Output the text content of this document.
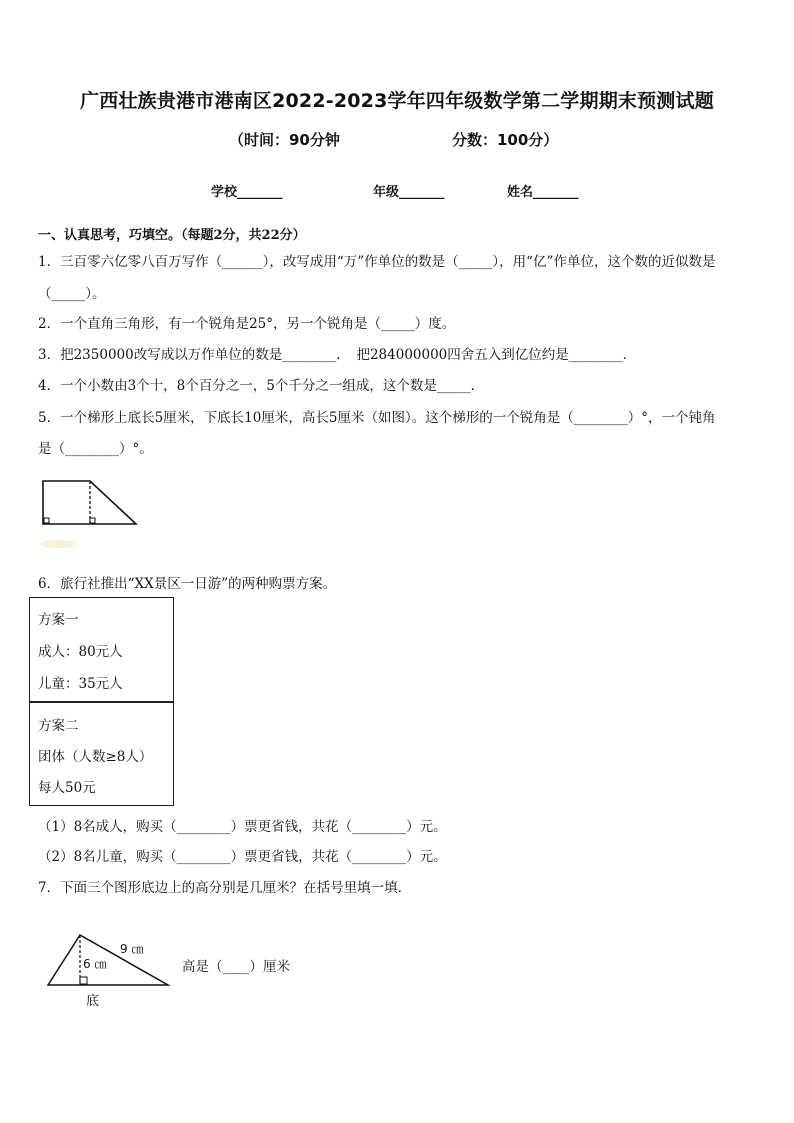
广西壮族贵港市港南区2022-2023学年四年级数学第二学期期末预测试题
（时间：90分钟	分数：100分）
学校_______	年级_______	姓名_______
一、认真思考，巧填空。（每题2分，共22分）
1．三百零六亿零八百万写作（______），改写成用“万”作单位的数是（_____），用“亿”作单位，这个数的近似数是
（_____）。
2．一个直角三角形，有一个锐角是25°，另一个锐角是（_____）度。
3．把2350000改写成以万作单位的数是________．　把284000000四舍五入到亿位约是________．
4．一个小数由3个十，8个百分之一，5个千分之一组成，这个数是_____．
5．一个梯形上底长5厘米，下底长10厘米，高长5厘米（如图）。这个梯形的一个锐角是（________）°，一个钝角
是（________）°。
6．旅行社推出“XX景区一日游”的两种购票方案。
方案一
成人：80元人
儿童：35元人
方案二
团体（人数≥8人）
每人50元
（1）8名成人，购买（________）票更省钱，共花（________）元。
（2）8名儿童，购买（________）票更省钱，共花（________）元。
7．下面三个图形底边上的高分别是几厘米？在括号里填一填．
9 ㎝
6 ㎝
底
高是（____）厘米
